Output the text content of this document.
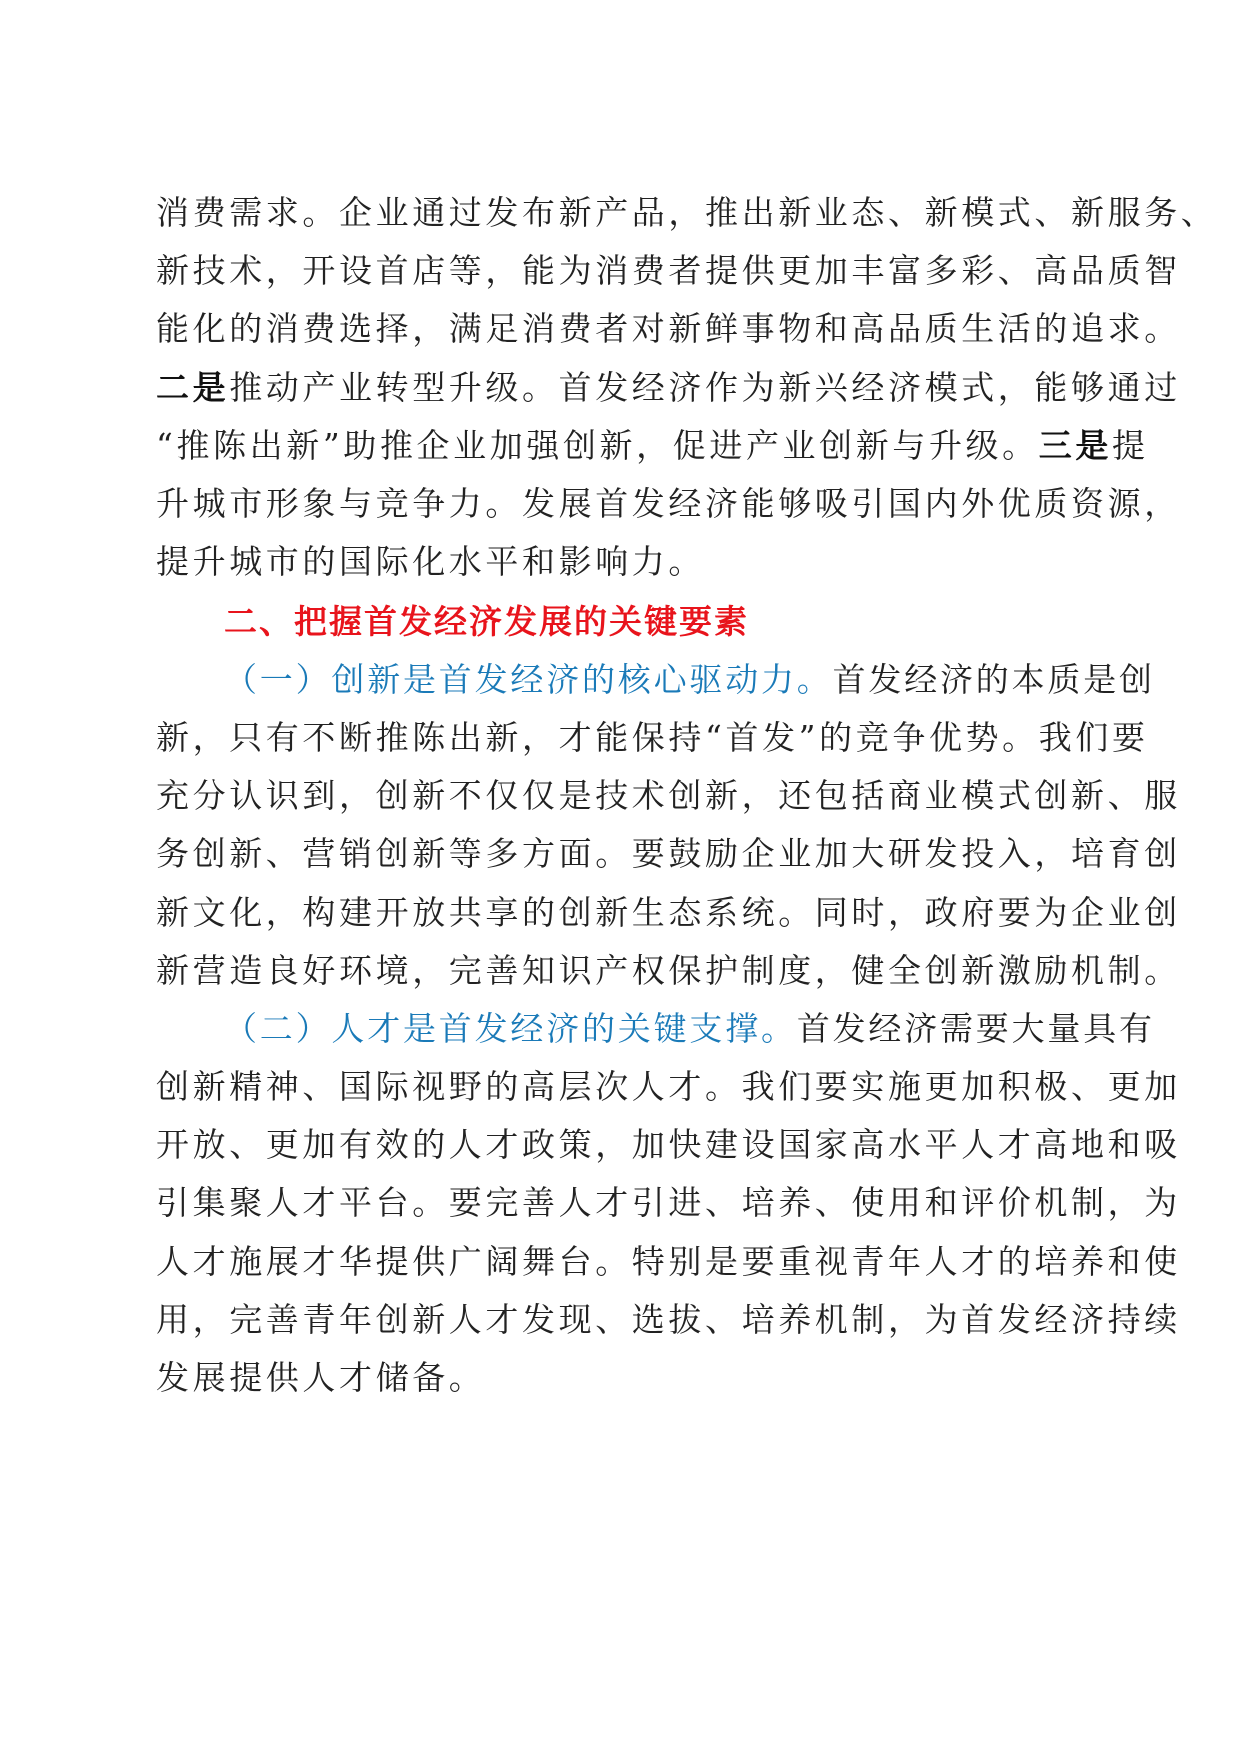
消费需求。企业通过发布新产品，推出新业态、新模式、新服务、
新技术，开设首店等，能为消费者提供更加丰富多彩、高品质智
能化的消费选择，满足消费者对新鲜事物和高品质生活的追求。
二是推动产业转型升级。首发经济作为新兴经济模式，能够通过
“推陈出新”助推企业加强创新，促进产业创新与升级。三是提
升城市形象与竞争力。发展首发经济能够吸引国内外优质资源，
提升城市的国际化水平和影响力。
二、把握首发经济发展的关键要素
（一）创新是首发经济的核心驱动力。首发经济的本质是创
新，只有不断推陈出新，才能保持“首发”的竞争优势。我们要
充分认识到，创新不仅仅是技术创新，还包括商业模式创新、服
务创新、营销创新等多方面。要鼓励企业加大研发投入，培育创
新文化，构建开放共享的创新生态系统。同时，政府要为企业创
新营造良好环境，完善知识产权保护制度，健全创新激励机制。
（二）人才是首发经济的关键支撑。首发经济需要大量具有
创新精神、国际视野的高层次人才。我们要实施更加积极、更加
开放、更加有效的人才政策，加快建设国家高水平人才高地和吸
引集聚人才平台。要完善人才引进、培养、使用和评价机制，为
人才施展才华提供广阔舞台。特别是要重视青年人才的培养和使
用，完善青年创新人才发现、选拔、培养机制，为首发经济持续
发展提供人才储备。
